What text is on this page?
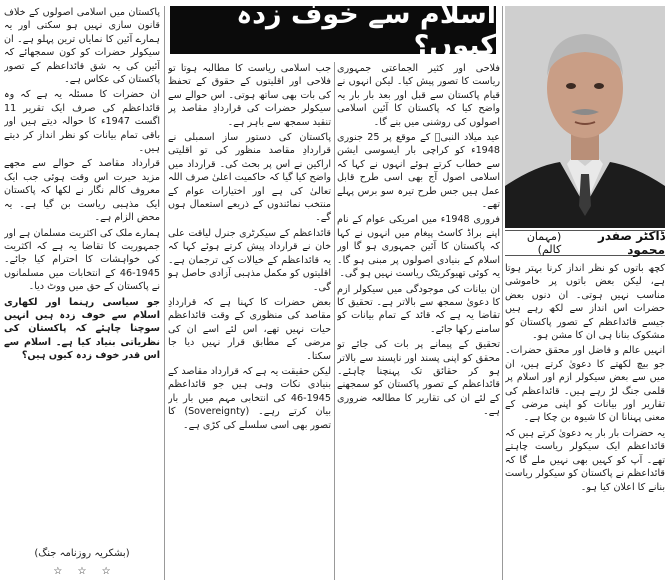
اسلام سے خوف زدہ کیوں؟
ڈاکٹر صفدر محمود
(مہمان کالم)

کچھ باتوں کو نظر انداز کرنا بہتر ہوتا ہے، لیکن بعض باتوں پر خاموشی مناسب نہیں ہوتی۔ ان دنوں بعض حضرات اس انداز سے لکھ رہے ہیں جیسے قائداعظم کے تصور پاکستان کو مشکوک بنانا ہی ان کا مشن ہو۔

انہیں عالم و فاضل اور محقق حضرات۔ جو بیچ لکھتے کا دعویٰ کرتے ہیں، ان میں سے بعض سیکولر ازم اور اسلام پر قلمی جنگ لڑ رہے ہیں۔ قائداعظم کی تقاریر اور بیانات کو اپنی مرضی کے معنی پہنانا ان کا شیوہ بن چکا ہے۔

یہ حضرات بار بار یہ دعویٰ کرتے ہیں کہ قائداعظم ایک سیکولر ریاست چاہتے تھے۔ آپ کو کہیں بھی نہیں ملے گا کہ قائداعظم نے پاکستان کو سیکولر ریاست بنانے کا اعلان کیا ہو۔

فلاحی اور کثیر الجماعتی جمہوری ریاست کا تصور پیش کیا۔ لیکن انہوں نے قیام پاکستان سے قبل اور بعد بار بار یہ واضح کیا کہ پاکستان کا آئین اسلامی اصولوں کی روشنی میں بنے گا۔

عید میلاد النبیؐ کے موقع پر 25 جنوری 1948ء کو کراچی بار ایسوسی ایشن سے خطاب کرتے ہوئے انہوں نے کہا کہ اسلامی اصول آج بھی اسی طرح قابل عمل ہیں جس طرح تیرہ سو برس پہلے تھے۔

فروری 1948ء میں امریکی عوام کے نام اپنے براڈ کاسٹ پیغام میں انہوں نے کہا کہ پاکستان کا آئین جمہوری ہو گا اور اسلام کے بنیادی اصولوں پر مبنی ہو گا۔ یہ کوئی تھیوکریٹک ریاست نہیں ہو گی۔

ان بیانات کی موجودگی میں سیکولر ازم کا دعویٰ سمجھ سے بالاتر ہے۔ تحقیق کا تقاضا یہ ہے کہ قائد کے تمام بیانات کو سامنے رکھا جائے۔

تحقیق کے پیمانے پر بات کی جائے تو محقق کو اپنی پسند اور ناپسند سے بالاتر ہو کر حقائق تک پہنچنا چاہئے۔ قائداعظم کے تصور پاکستان کو سمجھنے کے لئے ان کی تقاریر کا مطالعہ ضروری ہے۔

جب اسلامی ریاست کا مطالبہ ہوتا تو فلاحی اور اقلیتوں کے حقوق کے تحفظ کی بات بھی ساتھ ہوتی۔ اس حوالے سے سیکولر حضرات کی قراردادِ مقاصد پر تنقید سمجھ سے باہر ہے۔

پاکستان کی دستور ساز اسمبلی نے قراردادِ مقاصد منظور کی تو اقلیتی اراکین نے اس پر بحث کی۔ قرارداد میں واضح کیا گیا کہ حاکمیت اعلیٰ صرف اللہ تعالیٰ کی ہے اور اختیارات عوام کے منتخب نمائندوں کے ذریعے استعمال ہوں گے۔

قائداعظم کے سیکرٹری جنرل لیاقت علی خان نے قرارداد پیش کرتے ہوئے کہا کہ یہ قائداعظم کے خیالات کی ترجمان ہے۔ اقلیتوں کو مکمل مذہبی آزادی حاصل ہو گی۔

بعض حضرات کا کہنا ہے کہ قراردادِ مقاصد کی منظوری کے وقت قائداعظم حیات نہیں تھے، اس لئے اسے ان کی مرضی کے مطابق قرار نہیں دیا جا سکتا۔

لیکن حقیقت یہ ہے کہ قرارداد مقاصد کے بنیادی نکات وہی ہیں جو قائداعظم 1945-46 کی انتخابی مہم میں بار بار بیان کرتے رہے۔ (Sovereignty) کا تصور بھی اسی سلسلے کی کڑی ہے۔

پاکستان میں اسلامی اصولوں کے خلاف قانون سازی نہیں ہو سکتی اور یہ ہمارے آئین کا نمایاں ترین پہلو ہے۔ ان سیکولر حضرات کو کون سمجھائے کہ آئین کی یہ شق قائداعظم کے تصور پاکستان کی عکاس ہے۔

ان حضرات کا مسئلہ یہ ہے کہ وہ قائداعظم کی صرف ایک تقریر 11 اگست 1947ء کا حوالہ دیتے ہیں اور باقی تمام بیانات کو نظر انداز کر دیتے ہیں۔

قرارداد مقاصد کے حوالے سے مجھے مزید حیرت اس وقت ہوئی جب ایک معروف کالم نگار نے لکھا کہ پاکستان ایک مذہبی ریاست بن گیا ہے۔ یہ محض الزام ہے۔

ہمارے ملک کی اکثریت مسلمان ہے اور جمہوریت کا تقاضا یہ ہے کہ اکثریت کی خواہشات کا احترام کیا جائے۔ 1945-46 کے انتخابات میں مسلمانوں نے پاکستان کے حق میں ووٹ دیا۔

جو سیاسی رہنما اور لکھاری اسلام سے خوف زدہ ہیں انہیں سوچنا چاہئے کہ پاکستان کی نظریاتی بنیاد کیا ہے۔ اسلام سے اس قدر خوف زدہ کیوں ہیں؟

(بشکریہ روزنامہ جنگ)
☆ ☆ ☆
